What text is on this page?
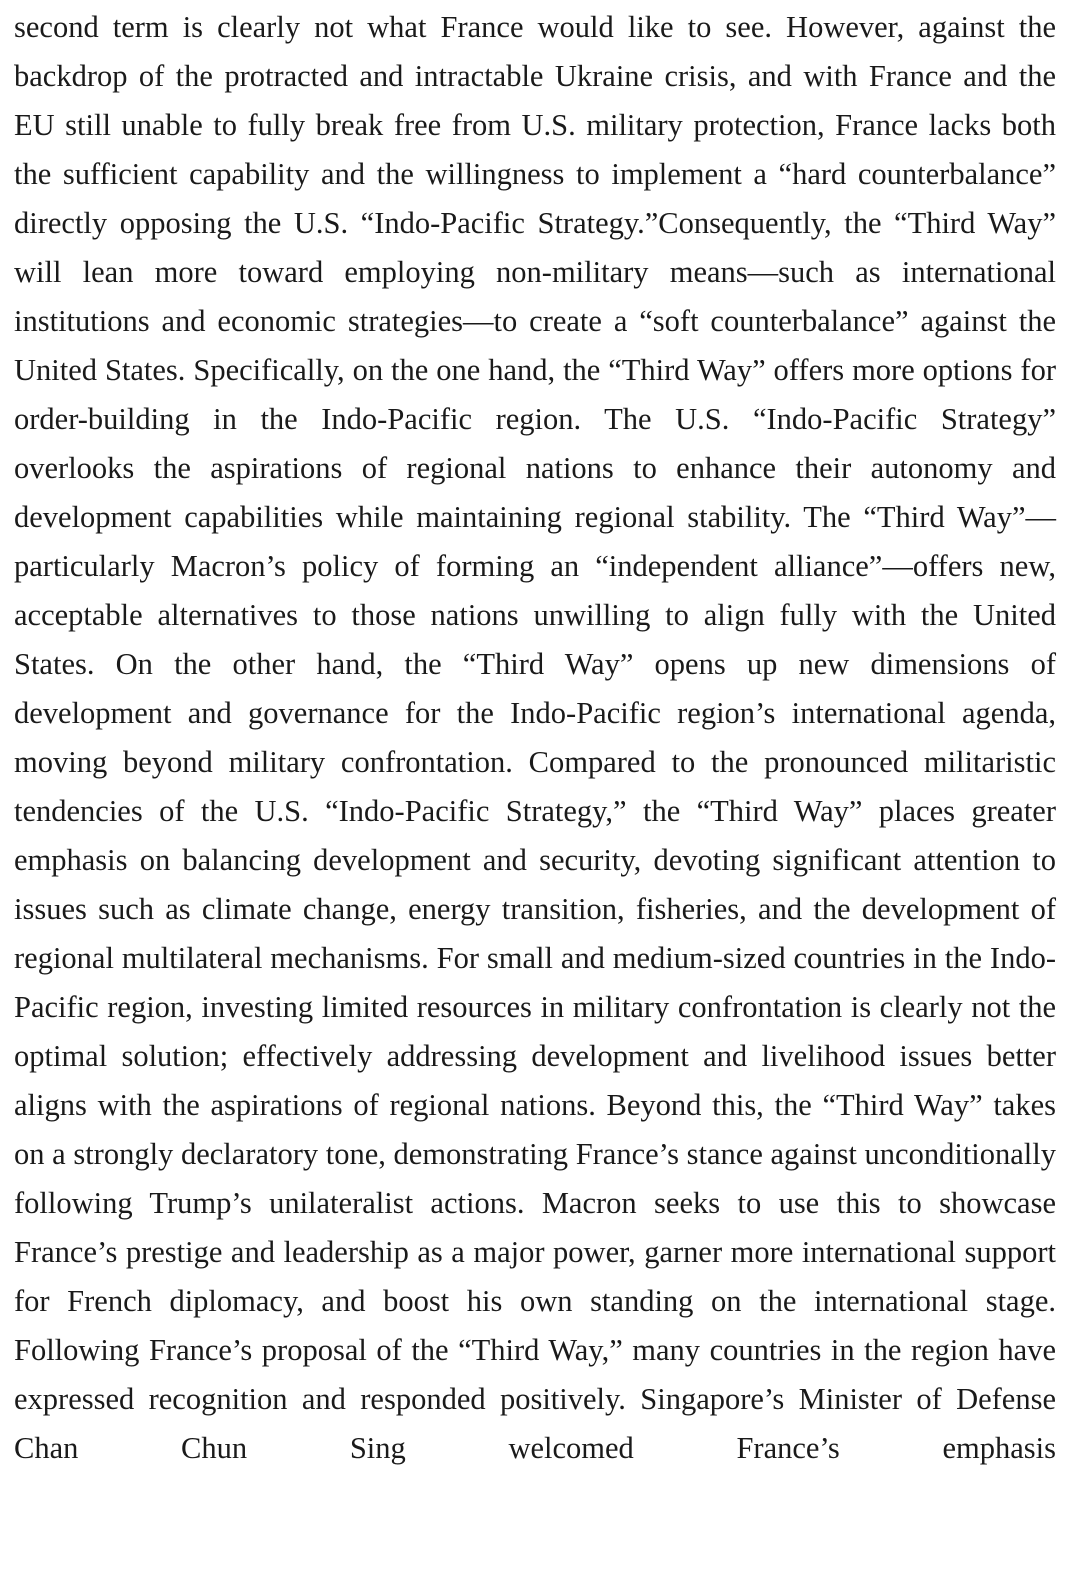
second term is clearly not what France would like to see. However, against the backdrop of the protracted and intractable Ukraine crisis, and with France and the EU still unable to fully break free from U.S. military protection, France lacks both the sufficient capability and the willingness to implement a “hard counterbalance” directly opposing the U.S. “Indo-Pacific Strategy.”Consequently, the “Third Way” will lean more toward employing non-military means—such as international institutions and economic strategies—to create a “soft counterbalance” against the United States. Specifically, on the one hand, the “Third Way” offers more options for order-building in the Indo-Pacific region. The U.S. “Indo-Pacific Strategy” overlooks the aspirations of regional nations to enhance their autonomy and development capabilities while maintaining regional stability. The “Third Way”—particularly Macron’s policy of forming an “independent alliance”—offers new, acceptable alternatives to those nations unwilling to align fully with the United States. On the other hand, the “Third Way” opens up new dimensions of development and governance for the Indo-Pacific region’s international agenda, moving beyond military confrontation. Compared to the pronounced militaristic tendencies of the U.S. “Indo-Pacific Strategy,” the “Third Way” places greater emphasis on balancing development and security, devoting significant attention to issues such as climate change, energy transition, fisheries, and the development of regional multilateral mechanisms. For small and medium-sized countries in the Indo-Pacific region, investing limited resources in military confrontation is clearly not the optimal solution; effectively addressing development and livelihood issues better aligns with the aspirations of regional nations. Beyond this, the “Third Way” takes on a strongly declaratory tone, demonstrating France’s stance against unconditionally following Trump’s unilateralist actions. Macron seeks to use this to showcase France’s prestige and leadership as a major power, garner more international support for French diplomacy, and boost his own standing on the international stage. Following France’s proposal of the “Third Way,” many countries in the region have expressed recognition and responded positively. Singapore’s Minister of Defense Chan Chun Sing welcomed France’s emphasis
